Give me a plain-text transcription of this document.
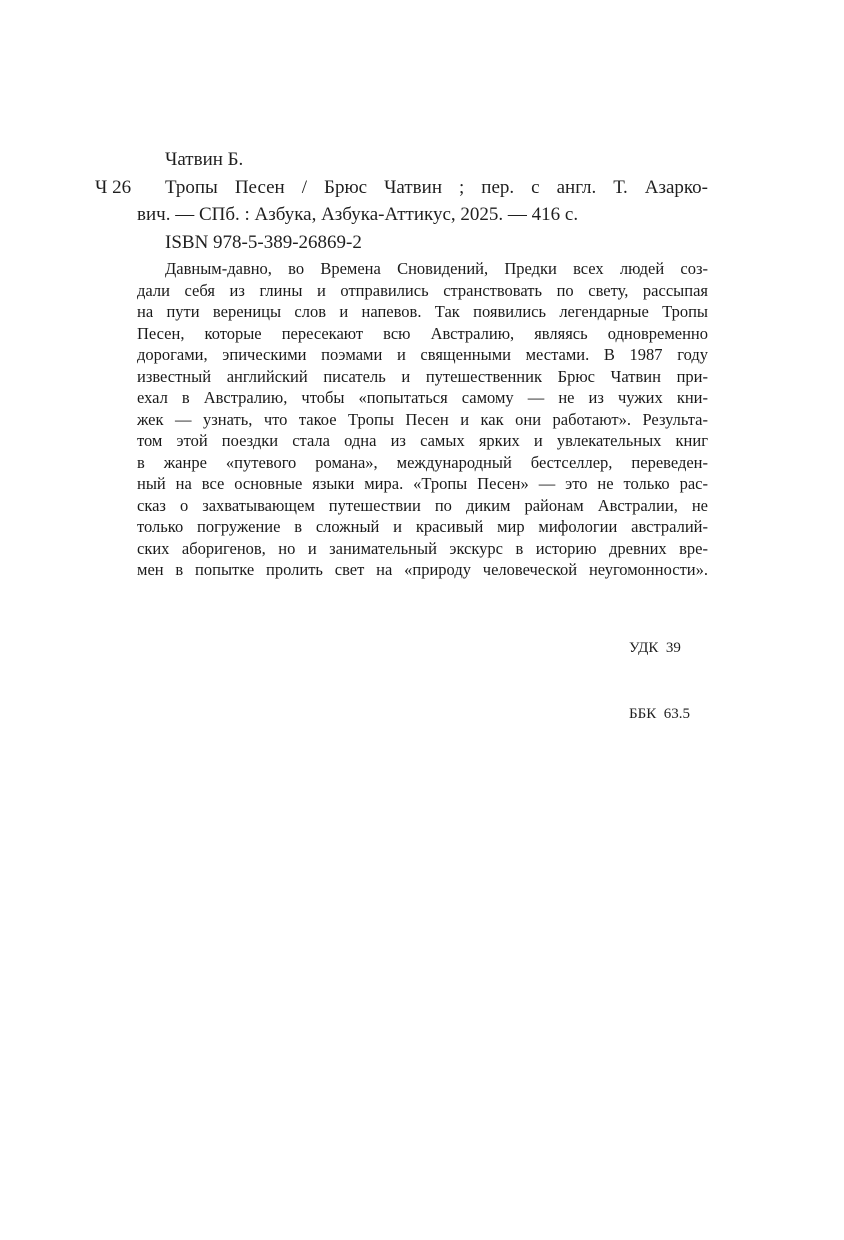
Чатвин Б.
Ч 26 Тропы Песен / Брюс Чатвин ; пер. с англ. Т. Азарко-
вич. — СПб. : Азбука, Азбука-Аттикус, 2025. — 416 с.
ISBN 978-5-389-26869-2
Давным-давно, во Времена Сновидений, Предки всех людей соз-
дали себя из глины и отправились странствовать по свету, рассыпая
на пути вереницы слов и напевов. Так появились легендарные Тропы
Песен, которые пересекают всю Австралию, являясь одновременно
дорогами, эпическими поэмами и священными местами. В 1987 году
известный английский писатель и путешественник Брюс Чатвин при-
ехал в Австралию, чтобы «попытаться самому — не из чужих кни-
жек — узнать, что такое Тропы Песен и как они работают». Результа-
том этой поездки стала одна из самых ярких и увлекательных книг
в жанре «путевого романа», международный бестселлер, переведен-
ный на все основные языки мира. «Тропы Песен» — это не только рас-
сказ о захватывающем путешествии по диким районам Австралии, не
только погружение в сложный и красивый мир мифологии австралий-
ских аборигенов, но и занимательный экскурс в историю древних вре-
мен в попытке пролить свет на «природу человеческой неугомонности».

УДК  39

ББК  63.5
